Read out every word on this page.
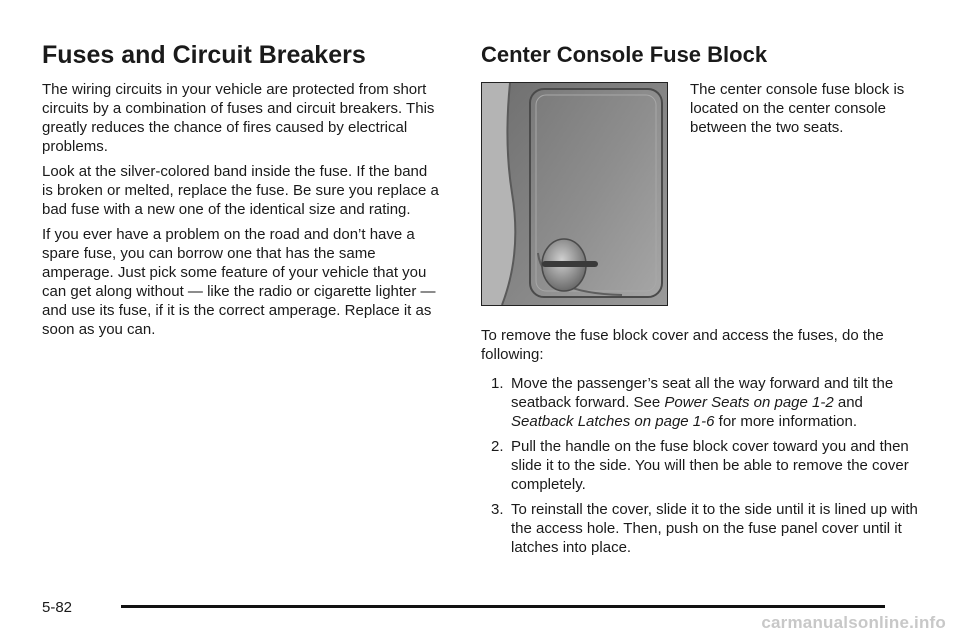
Fuses and Circuit Breakers

The wiring circuits in your vehicle are protected from short circuits by a combination of fuses and circuit breakers. This greatly reduces the chance of fires caused by electrical problems.

Look at the silver-colored band inside the fuse. If the band is broken or melted, replace the fuse. Be sure you replace a bad fuse with a new one of the identical size and rating.

If you ever have a problem on the road and don’t have a spare fuse, you can borrow one that has the same amperage. Just pick some feature of your vehicle that you can get along without — like the radio or cigarette lighter — and use its fuse, if it is the correct amperage. Replace it as soon as you can.

Center Console Fuse Block

The center console fuse block is located on the center console between the two seats.

To remove the fuse block cover and access the fuses, do the following:

1. Move the passenger’s seat all the way forward and tilt the seatback forward. See Power Seats on page 1-2 and Seatback Latches on page 1-6 for more information.
2. Pull the handle on the fuse block cover toward you and then slide it to the side. You will then be able to remove the cover completely.
3. To reinstall the cover, slide it to the side until it is lined up with the access hole. Then, push on the fuse panel cover until it latches into place.
5-82
carmanualsonline.info
